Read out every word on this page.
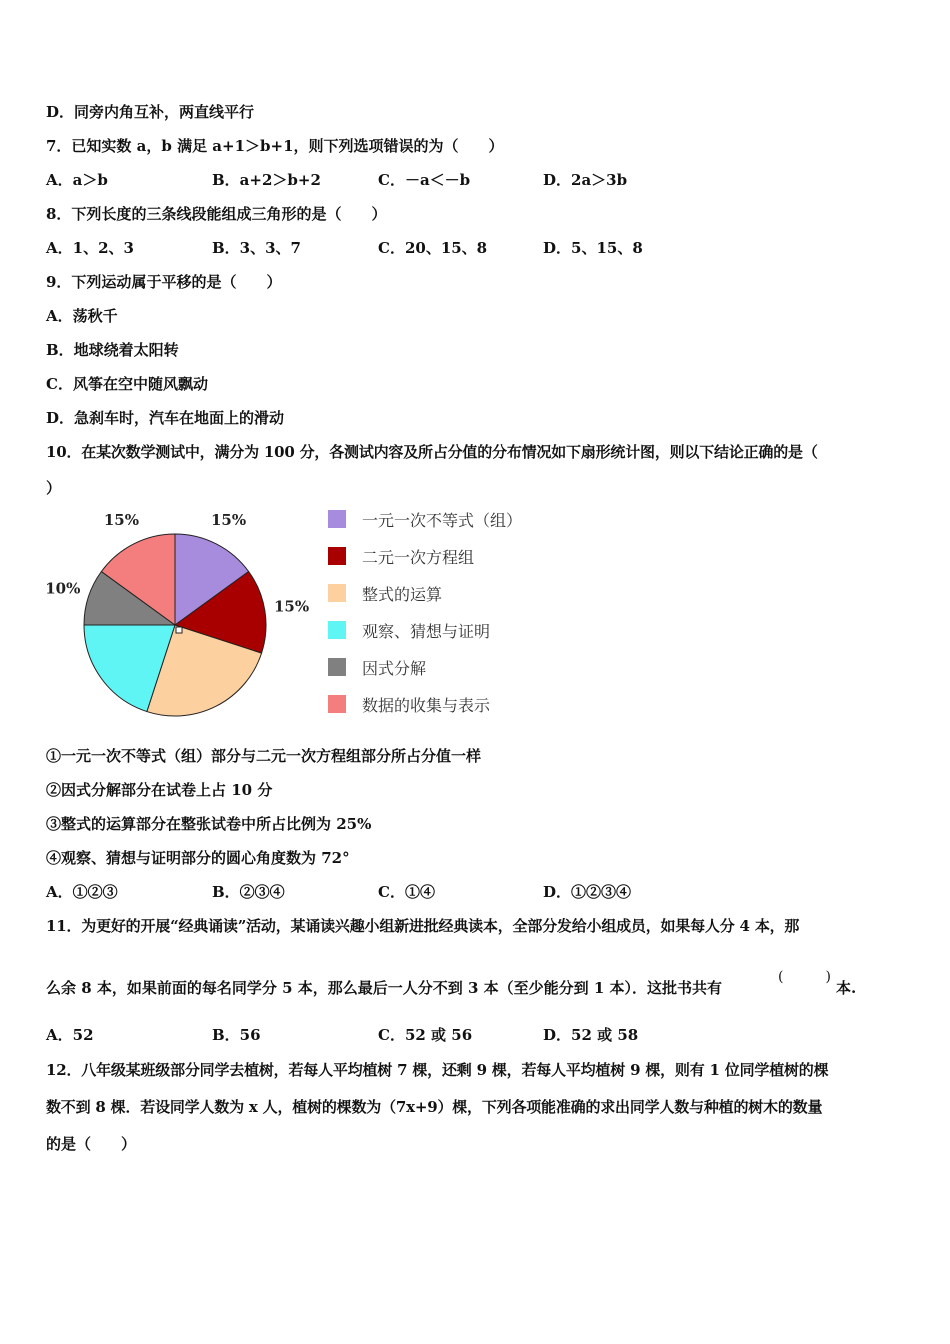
D．同旁内角互补，两直线平行
7．已知实数 a，b 满足 a+1＞b+1，则下列选项错误的为（　　）
A．a＞b	B．a+2＞b+2	C．－a＜－b	D．2a＞3b
8．下列长度的三条线段能组成三角形的是（　　）
A．1、2、3	B．3、3、7	C．20、15、8	D．5、15、8
9．下列运动属于平移的是（　　）
A．荡秋千
B．地球绕着太阳转
C．风筝在空中随风飘动
D．急刹车时，汽车在地面上的滑动
10．在某次数学测试中，满分为 100 分，各测试内容及所占分值的分布情况如下扇形统计图，则以下结论正确的是（
）
15%
15%
10%
15%	一元一次不等式（组）
二元一次方程组
整式的运算
观察、猜想与证明
因式分解
数据的收集与表示
①一元一次不等式（组）部分与二元一次方程组部分所占分值一样
②因式分解部分在试卷上占 10 分
③整式的运算部分在整张试卷中所占比例为 25%
④观察、猜想与证明部分的圆心角度数为 72°
A．①②③	B．②③④	C．①④	D．①②③④
11．为更好的开展“经典诵读”活动，某诵读兴趣小组新进批经典读本，全部分发给小组成员，如果每人分 4 本，那
么余 8 本，如果前面的每名同学分 5 本，那么最后一人分不到 3 本（至少能分到 1 本）．这批书共有
(　　　)
本.
A．52	B．56	C．52 或 56	D．52 或 58
12．八年级某班级部分同学去植树，若每人平均植树 7 棵，还剩 9 棵，若每人平均植树 9 棵，则有 1 位同学植树的棵
数不到 8 棵．若设同学人数为 x 人，植树的棵数为（7x+9）棵，下列各项能准确的求出同学人数与种植的树木的数量
的是（　　）
